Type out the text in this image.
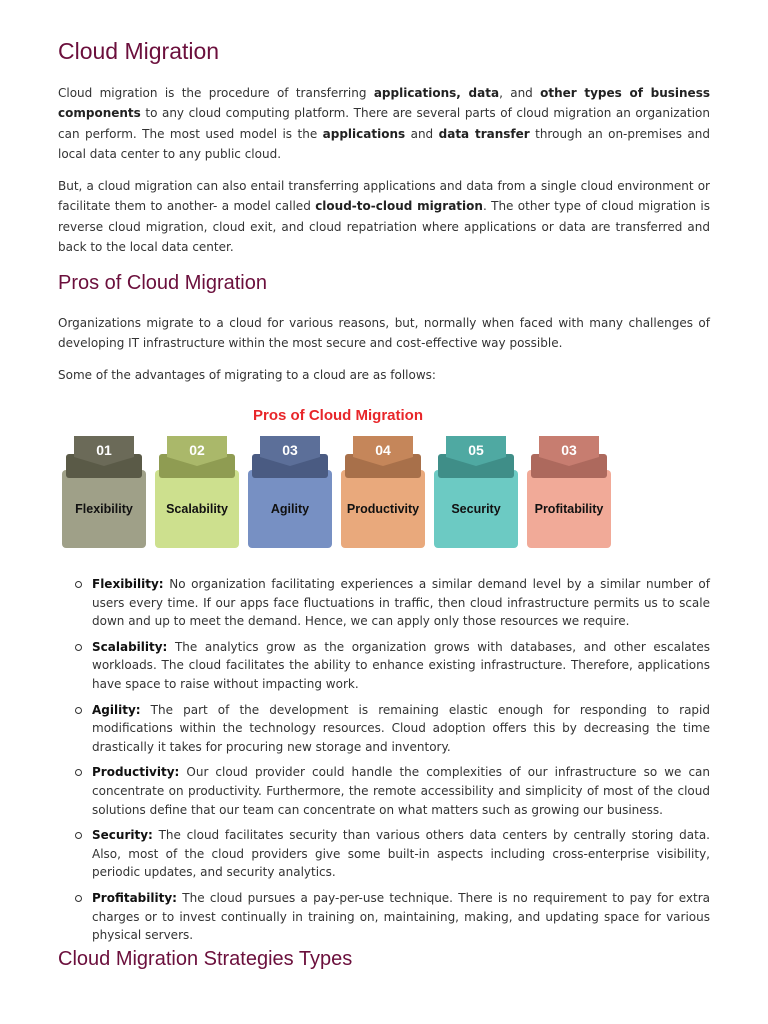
Cloud Migration

Cloud migration is the procedure of transferring applications, data, and other types of business components to any cloud computing platform. There are several parts of cloud migration an organization can perform. The most used model is the applications and data transfer through an on-premises and local data center to any public cloud.

But, a cloud migration can also entail transferring applications and data from a single cloud environment or facilitate them to another- a model called cloud-to-cloud migration. The other type of cloud migration is reverse cloud migration, cloud exit, and cloud repatriation where applications or data are transferred and back to the local data center.

Pros of Cloud Migration

Organizations migrate to a cloud for various reasons, but, normally when faced with many challenges of developing IT infrastructure within the most secure and cost-effective way possible.

Some of the advantages of migrating to a cloud are as follows:

Pros of Cloud Migration
01
Flexibility
02
Scalability
03
Agility
04
Productivity
05
Security
03
Profitability
Flexibility: No organization facilitating experiences a similar demand level by a similar number of users every time. If our apps face fluctuations in traffic, then cloud infrastructure permits us to scale down and up to meet the demand. Hence, we can apply only those resources we require.
Scalability: The analytics grow as the organization grows with databases, and other escalates workloads. The cloud facilitates the ability to enhance existing infrastructure. Therefore, applications have space to raise without impacting work.
Agility: The part of the development is remaining elastic enough for responding to rapid modifications within the technology resources. Cloud adoption offers this by decreasing the time drastically it takes for procuring new storage and inventory.
Productivity: Our cloud provider could handle the complexities of our infrastructure so we can concentrate on productivity. Furthermore, the remote accessibility and simplicity of most of the cloud solutions define that our team can concentrate on what matters such as growing our business.
Security: The cloud facilitates security than various others data centers by centrally storing data. Also, most of the cloud providers give some built-in aspects including cross-enterprise visibility, periodic updates, and security analytics.
Profitability: The cloud pursues a pay-per-use technique. There is no requirement to pay for extra charges or to invest continually in training on, maintaining, making, and updating space for various physical servers.
Cloud Migration Strategies Types
